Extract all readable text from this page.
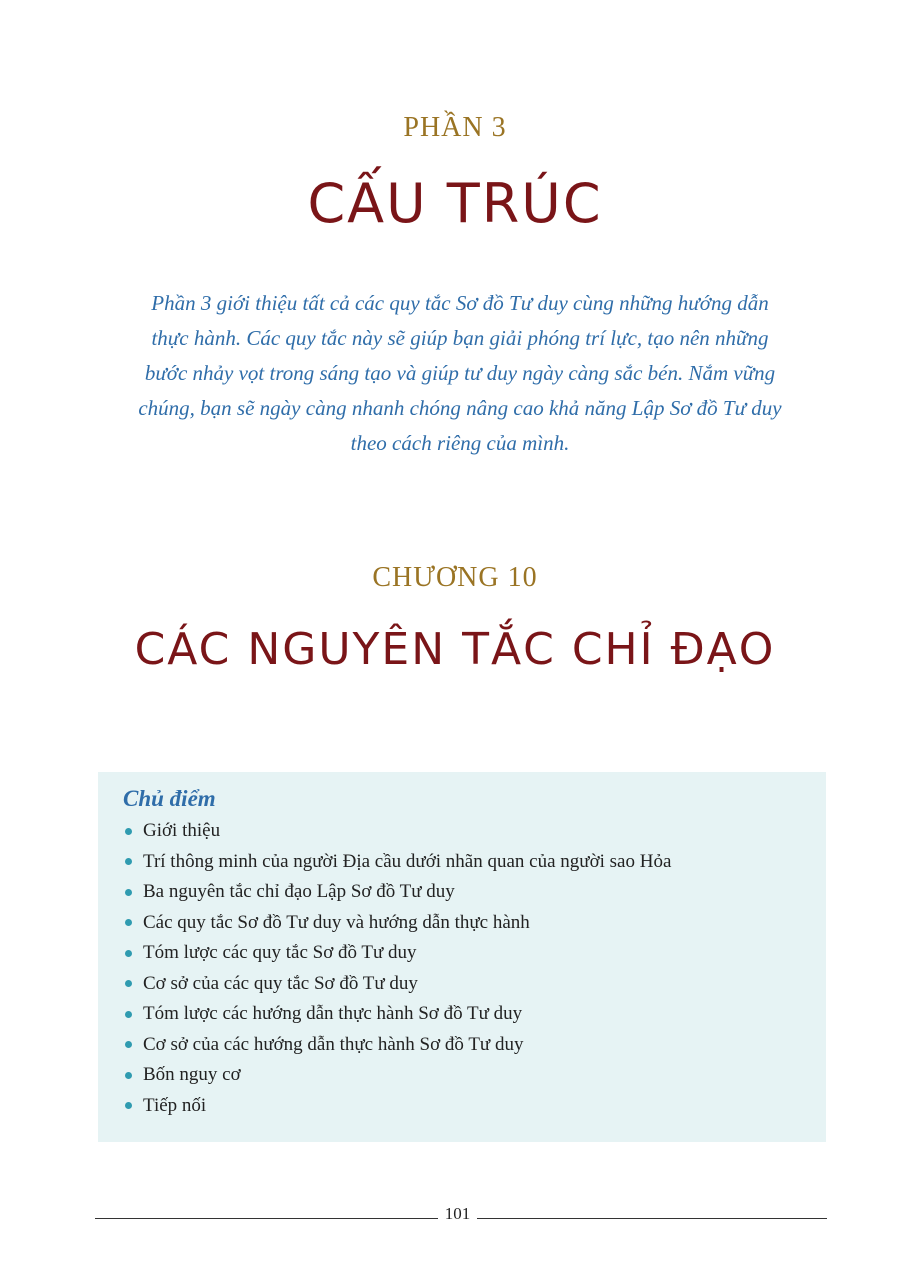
PHẦN 3
CẤU TRÚC
Phần 3 giới thiệu tất cả các quy tắc Sơ đồ Tư duy cùng những hướng dẫn
thực hành. Các quy tắc này sẽ giúp bạn giải phóng trí lực, tạo nên những
bước nhảy vọt trong sáng tạo và giúp tư duy ngày càng sắc bén. Nắm vững
chúng, bạn sẽ ngày càng nhanh chóng nâng cao khả năng Lập Sơ đồ Tư duy
theo cách riêng của mình.
CHƯƠNG 10
CÁC NGUYÊN TẮC CHỈ ĐẠO
Chủ điểm
Giới thiệu
Trí thông minh của người Địa cầu dưới nhãn quan của người sao Hỏa
Ba nguyên tắc chỉ đạo Lập Sơ đồ Tư duy
Các quy tắc Sơ đồ Tư duy và hướng dẫn thực hành
Tóm lược các quy tắc Sơ đồ Tư duy
Cơ sở của các quy tắc Sơ đồ Tư duy
Tóm lược các hướng dẫn thực hành Sơ đồ Tư duy
Cơ sở của các hướng dẫn thực hành Sơ đồ Tư duy
Bốn nguy cơ
Tiếp nối
101
